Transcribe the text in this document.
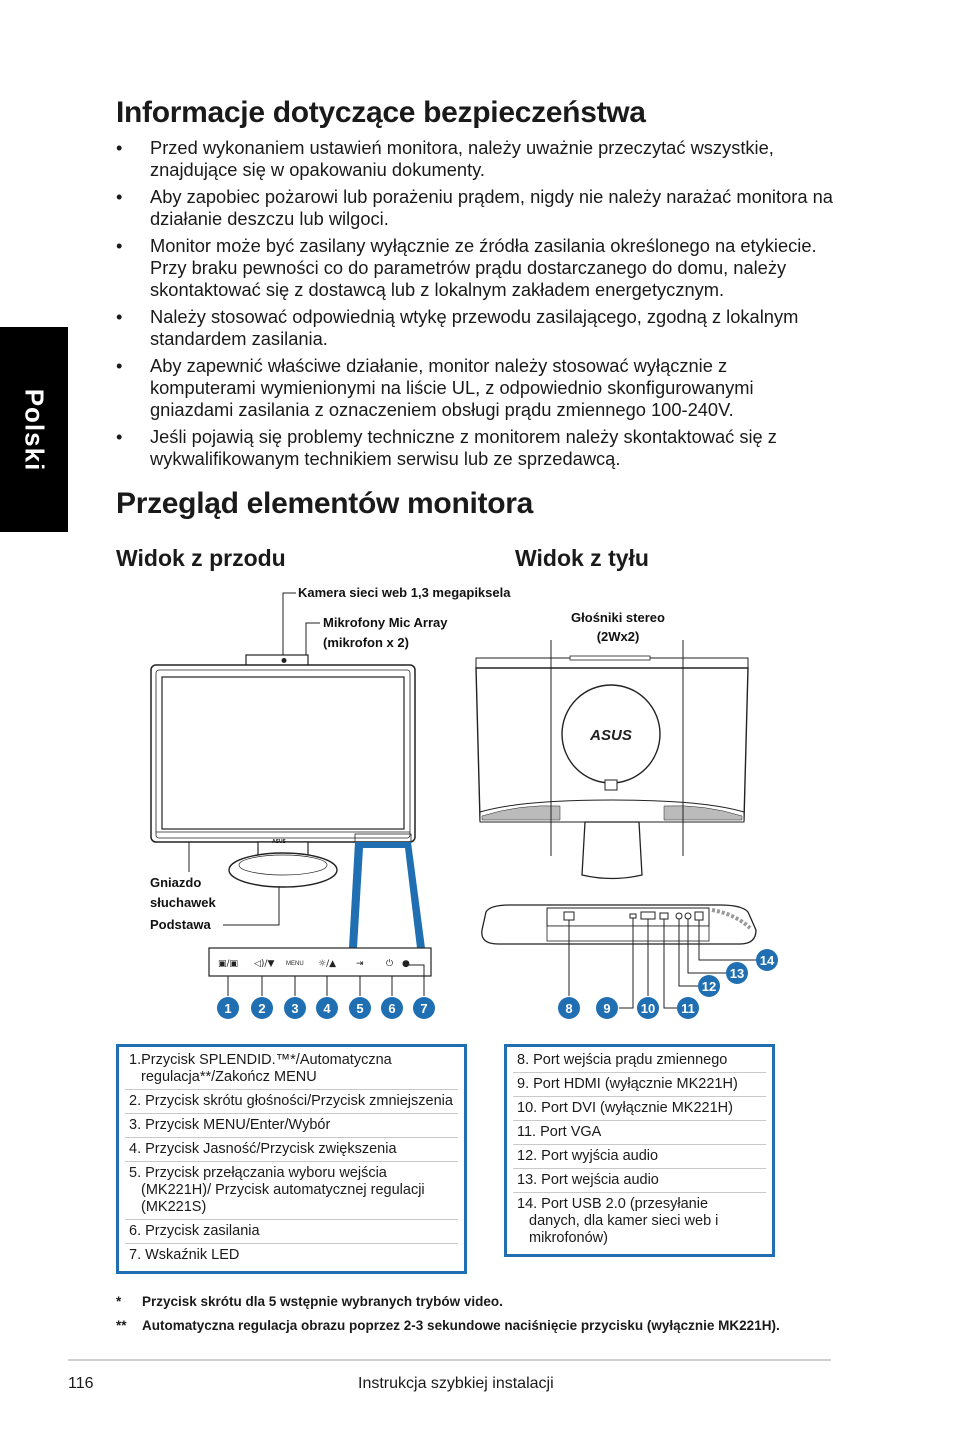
Polski
Informacje dotyczące bezpieczeństwa
• Przed wykonaniem ustawień monitora, należy uważnie przeczytać wszystkie, znajdujące się w opakowaniu dokumenty.
• Aby zapobiec pożarowi lub porażeniu prądem, nigdy nie należy narażać monitora na działanie deszczu lub wilgoci.
• Monitor może być zasilany wyłącznie ze źródła zasilania określonego na etykiecie. Przy braku pewności co do parametrów prądu dostarczanego do domu, należy skontaktować się z dostawcą lub z lokalnym zakładem energetycznym.
• Należy stosować odpowiednią wtykę przewodu zasilającego, zgodną z lokalnym standardem zasilania.
• Aby zapewnić właściwe działanie, monitor należy stosować wyłącznie z komputerami wymienionymi na liście UL, z odpowiednio skonfigurowanymi gniazdami zasilania z oznaczeniem obsługi prądu zmiennego 100-240V.
• Jeśli pojawią się problemy techniczne z monitorem należy skontaktować się z wykwalifikowanym technikiem serwisu lub ze sprzedawcą.
Przegląd elementów monitora
Widok z przodu	Widok z tyłu
ASUS
Kamera sieci web 1,3 megapiksela
Mikrofony Mic Array
(mikrofon x 2)
Gniazdo
słuchawek
Podstawa
▣/▣ ◁)/▼	☼/▲ ⇥ ⏻ ●
MENU
1 2 3 4 5 6 7
ASUS
Głośniki stereo
(2Wx2)
8 9 10 11
12
13
14
1.Przycisk SPLENDID.™*/Automatyczna regulacja**/Zakończ MENU
2. Przycisk skrótu głośności/Przycisk zmniejszenia
3. Przycisk MENU/Enter/Wybór
4. Przycisk Jasność/Przycisk zwiększenia
5. Przycisk przełączania wyboru wejścia (MK221H)/ Przycisk automatycznej regulacji (MK221S)
6. Przycisk zasilania
7. Wskaźnik LED
8. Port wejścia prądu zmiennego
9. Port HDMI (wyłącznie MK221H)
10. Port DVI (wyłącznie MK221H)
11. Port VGA
12. Port wyjścia audio
13. Port wejścia audio
14. Port USB 2.0 (przesyłanie danych, dla kamer sieci web i mikrofonów)
* Przycisk skrótu dla 5 wstępnie wybranych trybów video.
** Automatyczna regulacja obrazu poprzez 2-3 sekundowe naciśnięcie przycisku (wyłącznie MK221H).
116	Instrukcja szybkiej instalacji
